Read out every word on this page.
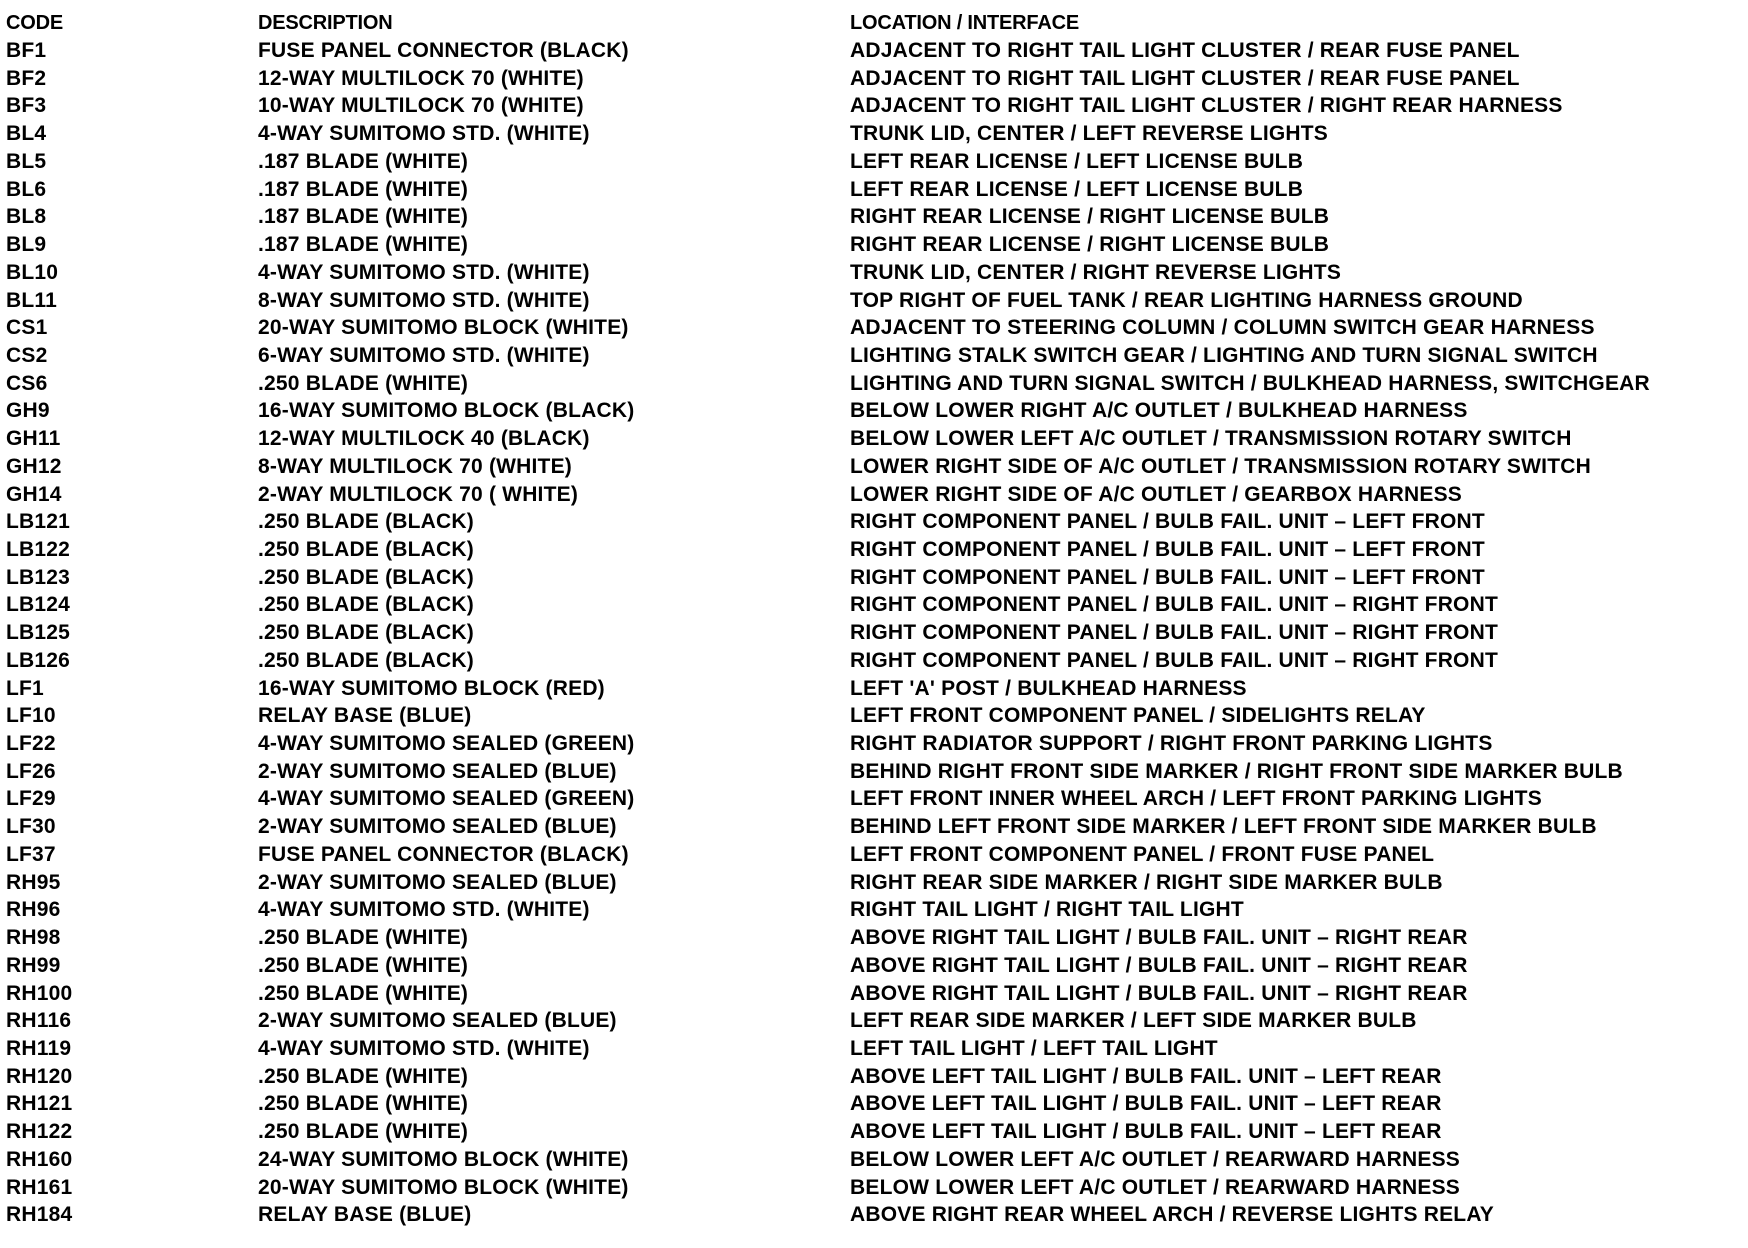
CODE	DESCRIPTION	LOCATION / INTERFACE
BF1	FUSE PANEL CONNECTOR (BLACK)	ADJACENT TO RIGHT TAIL LIGHT CLUSTER / REAR FUSE PANEL
BF2	12-WAY MULTILOCK 70 (WHITE)	ADJACENT TO RIGHT TAIL LIGHT CLUSTER / REAR FUSE PANEL
BF3	10-WAY MULTILOCK 70 (WHITE)	ADJACENT TO RIGHT TAIL LIGHT CLUSTER / RIGHT REAR HARNESS
BL4	4-WAY SUMITOMO STD. (WHITE)	TRUNK LID, CENTER / LEFT REVERSE LIGHTS
BL5	.187 BLADE (WHITE)	LEFT REAR LICENSE / LEFT LICENSE BULB
BL6	.187 BLADE (WHITE)	LEFT REAR LICENSE / LEFT LICENSE BULB
BL8	.187 BLADE (WHITE)	RIGHT REAR LICENSE / RIGHT LICENSE BULB
BL9	.187 BLADE (WHITE)	RIGHT REAR LICENSE / RIGHT LICENSE BULB
BL10	4-WAY SUMITOMO STD. (WHITE)	TRUNK LID, CENTER / RIGHT REVERSE LIGHTS
BL11	8-WAY SUMITOMO STD. (WHITE)	TOP RIGHT OF FUEL TANK / REAR LIGHTING HARNESS GROUND
CS1	20-WAY SUMITOMO BLOCK (WHITE)	ADJACENT TO STEERING COLUMN / COLUMN SWITCH GEAR HARNESS
CS2	6-WAY SUMITOMO STD. (WHITE)	LIGHTING STALK SWITCH GEAR / LIGHTING AND TURN SIGNAL SWITCH
CS6	.250 BLADE (WHITE)	LIGHTING AND TURN SIGNAL SWITCH / BULKHEAD HARNESS, SWITCHGEAR
GH9	16-WAY SUMITOMO BLOCK (BLACK)	BELOW LOWER RIGHT A/C OUTLET / BULKHEAD HARNESS
GH11	12-WAY MULTILOCK 40 (BLACK)	BELOW LOWER LEFT A/C OUTLET / TRANSMISSION ROTARY SWITCH
GH12	8-WAY MULTILOCK 70 (WHITE)	LOWER RIGHT SIDE OF A/C OUTLET / TRANSMISSION ROTARY SWITCH
GH14	2-WAY MULTILOCK 70 ( WHITE)	LOWER RIGHT SIDE OF A/C OUTLET / GEARBOX HARNESS
LB121	.250 BLADE (BLACK)	RIGHT COMPONENT PANEL / BULB FAIL. UNIT – LEFT FRONT
LB122	.250 BLADE (BLACK)	RIGHT COMPONENT PANEL / BULB FAIL. UNIT – LEFT FRONT
LB123	.250 BLADE (BLACK)	RIGHT COMPONENT PANEL / BULB FAIL. UNIT – LEFT FRONT
LB124	.250 BLADE (BLACK)	RIGHT COMPONENT PANEL / BULB FAIL. UNIT – RIGHT FRONT
LB125	.250 BLADE (BLACK)	RIGHT COMPONENT PANEL / BULB FAIL. UNIT – RIGHT FRONT
LB126	.250 BLADE (BLACK)	RIGHT COMPONENT PANEL / BULB FAIL. UNIT – RIGHT FRONT
LF1	16-WAY SUMITOMO BLOCK (RED)	LEFT 'A' POST / BULKHEAD HARNESS
LF10	RELAY BASE (BLUE)	LEFT FRONT COMPONENT PANEL / SIDELIGHTS RELAY
LF22	4-WAY SUMITOMO SEALED (GREEN)	RIGHT RADIATOR SUPPORT / RIGHT FRONT PARKING LIGHTS
LF26	2-WAY SUMITOMO SEALED (BLUE)	BEHIND RIGHT FRONT SIDE MARKER / RIGHT FRONT SIDE MARKER BULB
LF29	4-WAY SUMITOMO SEALED (GREEN)	LEFT FRONT INNER WHEEL ARCH / LEFT FRONT PARKING LIGHTS
LF30	2-WAY SUMITOMO SEALED (BLUE)	BEHIND LEFT FRONT SIDE MARKER / LEFT FRONT SIDE MARKER BULB
LF37	FUSE PANEL CONNECTOR (BLACK)	LEFT FRONT COMPONENT PANEL / FRONT FUSE PANEL
RH95	2-WAY SUMITOMO SEALED (BLUE)	RIGHT REAR SIDE MARKER / RIGHT SIDE MARKER BULB
RH96	4-WAY SUMITOMO STD. (WHITE)	RIGHT TAIL LIGHT / RIGHT TAIL LIGHT
RH98	.250 BLADE (WHITE)	ABOVE RIGHT TAIL LIGHT / BULB FAIL. UNIT – RIGHT REAR
RH99	.250 BLADE (WHITE)	ABOVE RIGHT TAIL LIGHT / BULB FAIL. UNIT – RIGHT REAR
RH100	.250 BLADE (WHITE)	ABOVE RIGHT TAIL LIGHT / BULB FAIL. UNIT – RIGHT REAR
RH116	2-WAY SUMITOMO SEALED (BLUE)	LEFT REAR SIDE MARKER / LEFT SIDE MARKER BULB
RH119	4-WAY SUMITOMO STD. (WHITE)	LEFT TAIL LIGHT / LEFT TAIL LIGHT
RH120	.250 BLADE (WHITE)	ABOVE LEFT TAIL LIGHT / BULB FAIL. UNIT – LEFT REAR
RH121	.250 BLADE (WHITE)	ABOVE LEFT TAIL LIGHT / BULB FAIL. UNIT – LEFT REAR
RH122	.250 BLADE (WHITE)	ABOVE LEFT TAIL LIGHT / BULB FAIL. UNIT – LEFT REAR
RH160	24-WAY SUMITOMO BLOCK (WHITE)	BELOW LOWER LEFT A/C OUTLET / REARWARD HARNESS
RH161	20-WAY SUMITOMO BLOCK (WHITE)	BELOW LOWER LEFT A/C OUTLET / REARWARD HARNESS
RH184	RELAY BASE (BLUE)	ABOVE RIGHT REAR WHEEL ARCH / REVERSE LIGHTS RELAY
